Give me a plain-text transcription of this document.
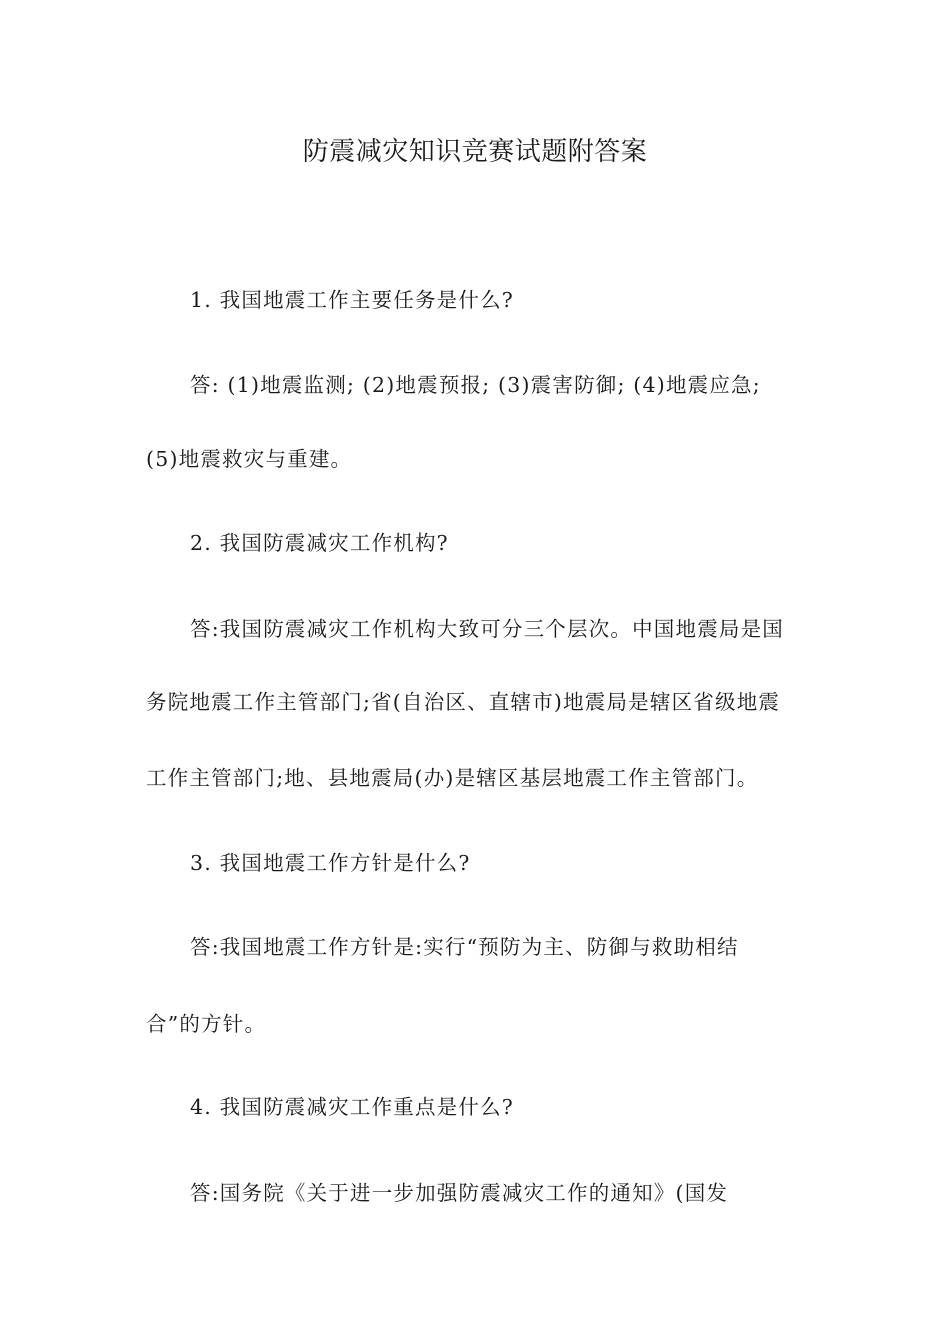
防震减灾知识竞赛试题附答案
1. 我国地震工作主要任务是什么?
答: (1)地震监测; (2)地震预报; (3)震害防御; (4)地震应急;
(5)地震救灾与重建。
2. 我国防震减灾工作机构?
答:我国防震减灾工作机构大致可分三个层次。中国地震局是国
务院地震工作主管部门;省(自治区、直辖市)地震局是辖区省级地震
工作主管部门;地、县地震局(办)是辖区基层地震工作主管部门。
3. 我国地震工作方针是什么?
答:我国地震工作方针是:实行“预防为主、防御与救助相结
合”的方针。
4. 我国防震减灾工作重点是什么?
答:国务院《关于进一步加强防震减灾工作的通知》(国发
